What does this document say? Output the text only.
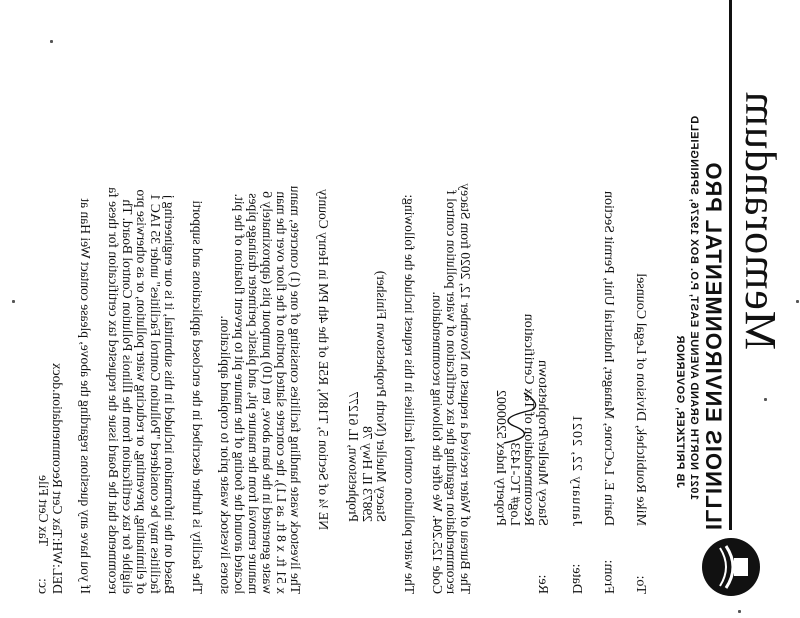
Memorandum
ILLINOIS ENVIRONMENTAL PRO
1021 NORTH GRAND AVENUE EAST, P.O. BOX 19276, SPRINGFIELD
JB PRITZKER, GOVERNOR
To:
Mike Roubitchek, Division of Legal Counsel
From:
Darin E. LeCrone, Manager, Industrial Unit, Permit Section
Date:
January 22, 2021
Re:
Stacey Mueller/Prophetstown
Recommendation of Tax Certification
Log# TC-1433
Property Index 5200002
The Bureau of Water received a request on November 12, 2020 from Stacey
recommendation regarding the tax certification of water pollution control f
Code 125.204. We offer the following recommendation.
The water pollution control facilities in this request include the following:
Stacey Mueller (North Prophetstown Finisher)
29873 IL Hwy 78
Prophetstown, IL 61277
NE ¼ of Section 5, T18N, R5E of the 4th PM in Henry County
The livestock waste handling facilities consisting of one (1) concrete, manu
x 51 ft. x 8 ft. as L1), the concrete slatted portion of the floor over the man
waste generated in the barn above, ten (10) pumpout pits (approximately 6
manure removal from the manure pit, and plastic perimeter drainage pipes
located around the footing of the manure pit to prevent flotation of the pit.
stores livestock waste prior to cropland application.
The facility is further described in the enclosed applications and supporti
Based on the information included in this submittal, it is our engineering j
facilities may be considered "Pollution Control Facilities" under 35 IAC 1
of eliminating, preventing, or reducing water pollution, or as otherwise pro
eligible for tax certification from the Illinois Pollution Control Board. Th
recommends that the Board issue the requested tax certification for these fa
If you have any questions regarding the above, please contact Wei Han at
DEL:WH:Tax Cert Recommendation.docx
cc:
Tax Cert File
